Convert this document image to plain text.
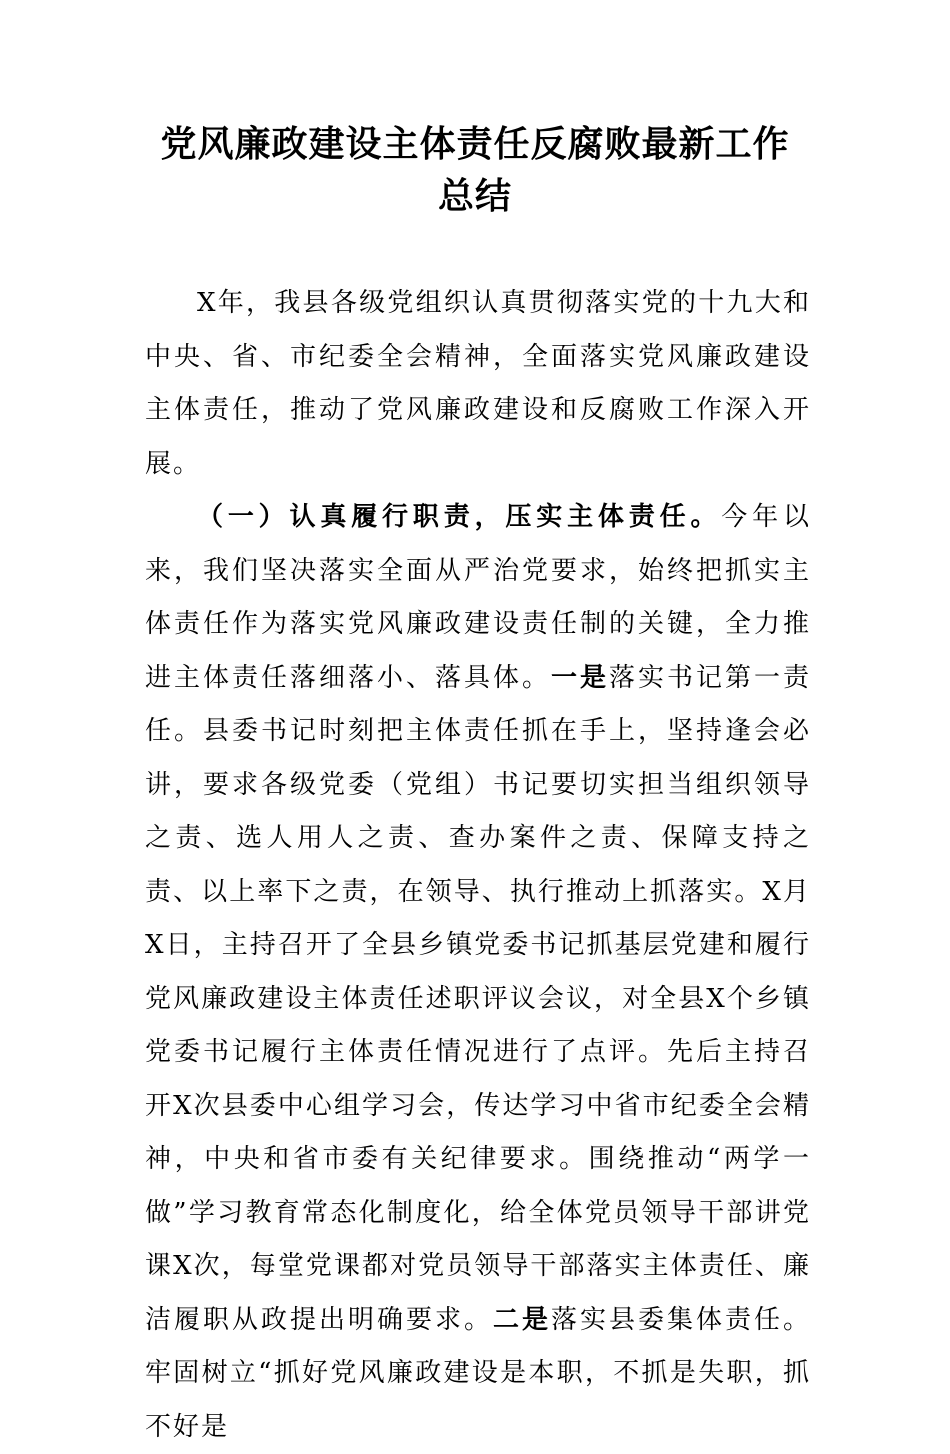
党风廉政建设主体责任反腐败最新工作总结

X年，我县各级党组织认真贯彻落实党的十九大和中央、省、市纪委全会精神，全面落实党风廉政建设主体责任，推动了党风廉政建设和反腐败工作深入开展。

（一）认真履行职责，压实主体责任。今年以来，我们坚决落实全面从严治党要求，始终把抓实主体责任作为落实党风廉政建设责任制的关键，全力推进主体责任落细落小、落具体。一是落实书记第一责任。县委书记时刻把主体责任抓在手上，坚持逢会必讲，要求各级党委（党组）书记要切实担当组织领导之责、选人用人之责、查办案件之责、保障支持之责、以上率下之责，在领导、执行推动上抓落实。X月X日，主持召开了全县乡镇党委书记抓基层党建和履行党风廉政建设主体责任述职评议会议，对全县X个乡镇党委书记履行主体责任情况进行了点评。先后主持召开X次县委中心组学习会，传达学习中省市纪委全会精神，中央和省市委有关纪律要求。围绕推动“两学一做”学习教育常态化制度化，给全体党员领导干部讲党课X次，每堂党课都对党员领导干部落实主体责任、廉洁履职从政提出明确要求。二是落实县委集体责任。牢固树立“抓好党风廉政建设是本职，不抓是失职，抓不好是
